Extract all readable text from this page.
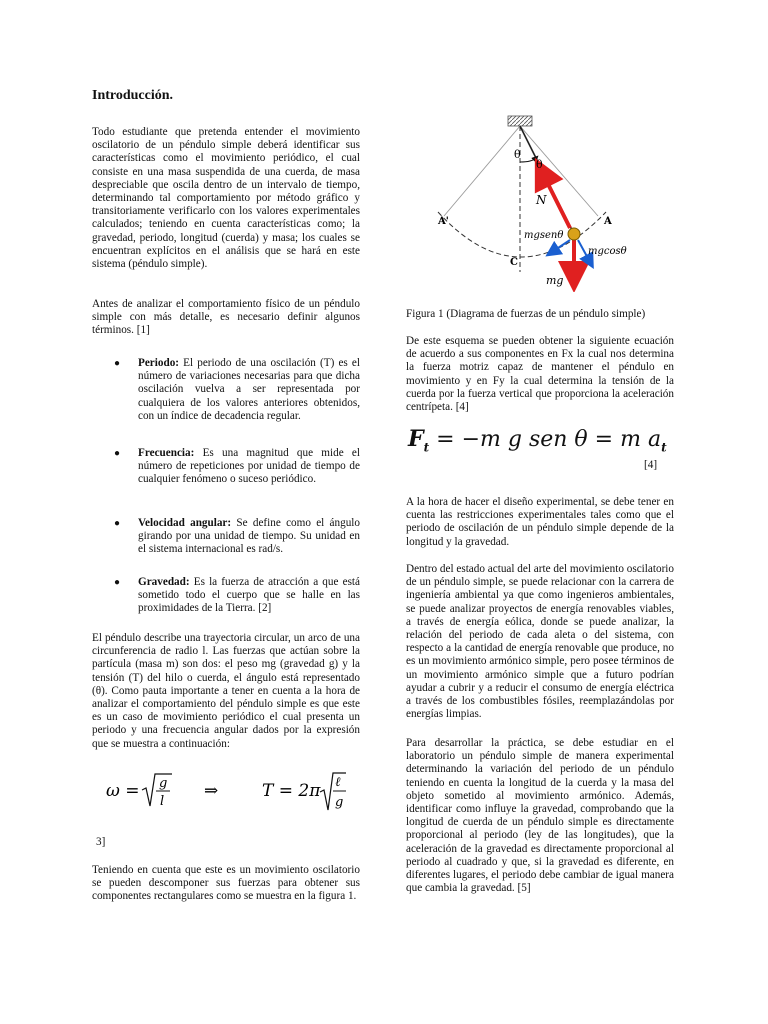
Introducción.

Todo estudiante que pretenda entender el movimiento oscilatorio de un péndulo simple deberá identificar sus características como el movimiento periódico, el cual consiste en una masa suspendida de una cuerda, de masa despreciable que oscila dentro de un intervalo de tiempo, determinando tal comportamiento por método gráfico y transitoriamente verificarlo con los valores experimentales calculados; teniendo en cuenta características como; la gravedad, periodo, longitud (cuerda) y masa; los cuales se encuentran explícitos en el análisis que se hará en este sistema (péndulo simple).

Antes de analizar el comportamiento físico de un péndulo simple con más detalle, es necesario definir algunos términos. [1]

● Periodo: El periodo de una oscilación (T) es el número de variaciones necesarias para que dicha oscilación vuelva a ser representada por cualquiera de los valores anteriores obtenidos, con un índice de decadencia regular.
● Frecuencia: Es una magnitud que mide el número de repeticiones por unidad de tiempo de cualquier fenómeno o suceso periódico.
● Velocidad angular: Se define como el ángulo girando por una unidad de tiempo. Su unidad en el sistema internacional es rad/s.
● Gravedad: Es la fuerza de atracción a que está sometido todo el cuerpo que se halle en las proximidades de la Tierra. [2]

El péndulo describe una trayectoria circular, un arco de una circunferencia de radio l. Las fuerzas que actúan sobre la partícula (masa m) son dos: el peso mg (gravedad g) y la tensión (T) del hilo o cuerda, el ángulo está representado (θ). Como pauta importante a tener en cuenta a la hora de analizar el comportamiento del péndulo simple es que este es un caso de movimiento periódico el cual presenta un periodo y una frecuencia angular dados por la expresión que se muestra a continuación:

ω = g
l
⇒	T = 2π ℓ
g
3]

Teniendo en cuenta que este es un movimiento oscilatorio se pueden descomponer sus fuerzas para obtener sus componentes rectangulares como se muestra en la figura 1.

θ
θ
A'	A
N
C
mgsenθ
mgcosθ
mg
Figura 1 (Diagrama de fuerzas de un péndulo simple)

De este esquema se pueden obtener la siguiente ecuación de acuerdo a sus componentes en Fx la cual nos determina la fuerza motriz capaz de mantener el péndulo en movimiento y en Fy la cual determina la tensión de la cuerda por la fuerza vertical que proporciona la aceleración centrípeta. [4]

$F_t = -m$ g sen θ = m $a_t$
[4]

A la hora de hacer el diseño experimental, se debe tener en cuenta las restricciones experimentales tales como que el periodo de oscilación de un péndulo simple depende de la longitud y la gravedad.

Dentro del estado actual del arte del movimiento oscilatorio de un péndulo simple, se puede relacionar con la carrera de ingeniería ambiental ya que como ingenieros ambientales, se puede analizar proyectos de energía renovables viables, a través de energía eólica, donde se puede analizar, la relación del periodo de cada aleta o del sistema, con respecto a la cantidad de energía renovable que produce, no es un movimiento armónico simple, pero posee términos de un movimiento armónico simple que a futuro podrían ayudar a cubrir y a reducir el consumo de energía eléctrica a través de los combustibles fósiles, reemplazándolas por energías limpias.

Para desarrollar la práctica, se debe estudiar en el laboratorio un péndulo simple de manera experimental determinando la variación del periodo de un péndulo teniendo en cuenta la longitud de la cuerda y la masa del objeto sometido al movimiento armónico. Además, identificar como influye la gravedad, comprobando que la longitud de cuerda de un péndulo simple es directamente proporcional al periodo (ley de las longitudes), que la aceleración de la gravedad es directamente proporcional al periodo al cuadrado y que, si la gravedad es diferente, en diferentes lugares, el periodo debe cambiar de igual manera que cambia la gravedad. [5]
